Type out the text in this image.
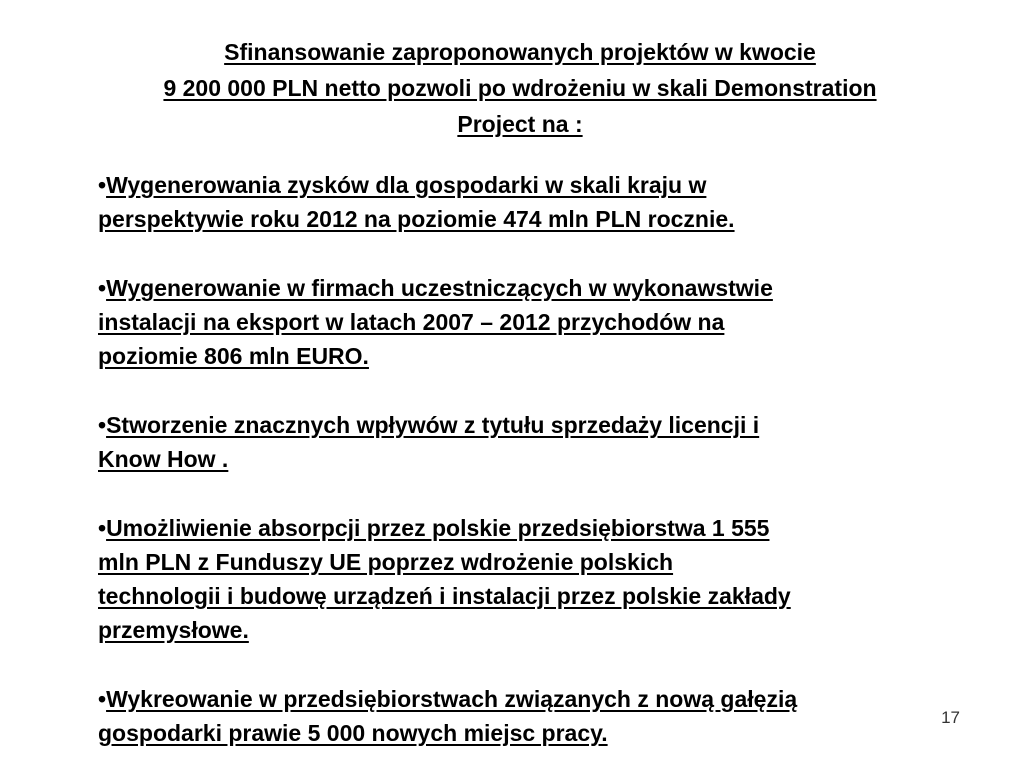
Sfinansowanie zaproponowanych projektów w kwocie
9 200 000 PLN netto pozwoli po wdrożeniu w skali Demonstration
Project na :
•Wygenerowania zysków dla gospodarki w skali kraju w
perspektywie roku 2012 na poziomie 474 mln PLN rocznie.
•Wygenerowanie w firmach uczestniczących w wykonawstwie
instalacji na eksport w latach 2007 – 2012 przychodów na
poziomie 806 mln EURO.
•Stworzenie znacznych wpływów z tytułu sprzedaży licencji i
Know How .
•Umożliwienie absorpcji przez polskie przedsiębiorstwa 1 555
mln PLN z Funduszy UE poprzez wdrożenie polskich
technologii i budowę urządzeń i instalacji przez polskie zakłady
przemysłowe.
•Wykreowanie w przedsiębiorstwach związanych z nową gałęzią
gospodarki prawie 5 000 nowych miejsc pracy.
17
